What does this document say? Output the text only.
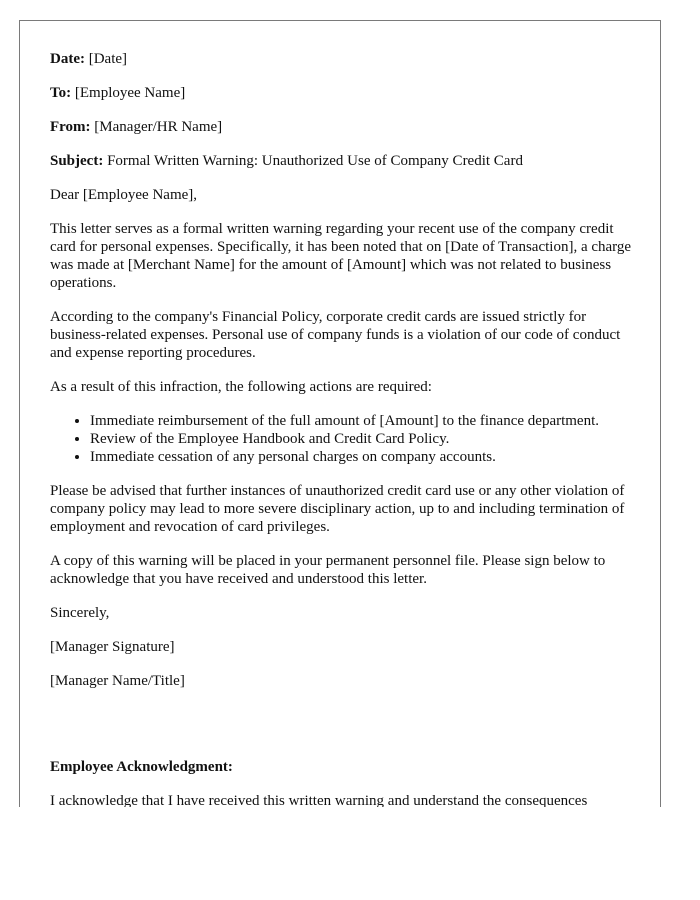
Date: [Date]

To: [Employee Name]

From: [Manager/HR Name]

Subject: Formal Written Warning: Unauthorized Use of Company Credit Card

Dear [Employee Name],

This letter serves as a formal written warning regarding your recent use of the company credit card for personal expenses. Specifically, it has been noted that on [Date of Transaction], a charge was made at [Merchant Name] for the amount of [Amount] which was not related to business operations.

According to the company's Financial Policy, corporate credit cards are issued strictly for business-related expenses. Personal use of company funds is a violation of our code of conduct and expense reporting procedures.

As a result of this infraction, the following actions are required:

• Immediate reimbursement of the full amount of [Amount] to the finance department.
• Review of the Employee Handbook and Credit Card Policy.
• Immediate cessation of any personal charges on company accounts.

Please be advised that further instances of unauthorized credit card use or any other violation of company policy may lead to more severe disciplinary action, up to and including termination of employment and revocation of card privileges.

A copy of this warning will be placed in your permanent personnel file. Please sign below to acknowledge that you have received and understood this letter.

Sincerely,

[Manager Signature]

[Manager Name/Title]

Employee Acknowledgment:

I acknowledge that I have received this written warning and understand the consequences
